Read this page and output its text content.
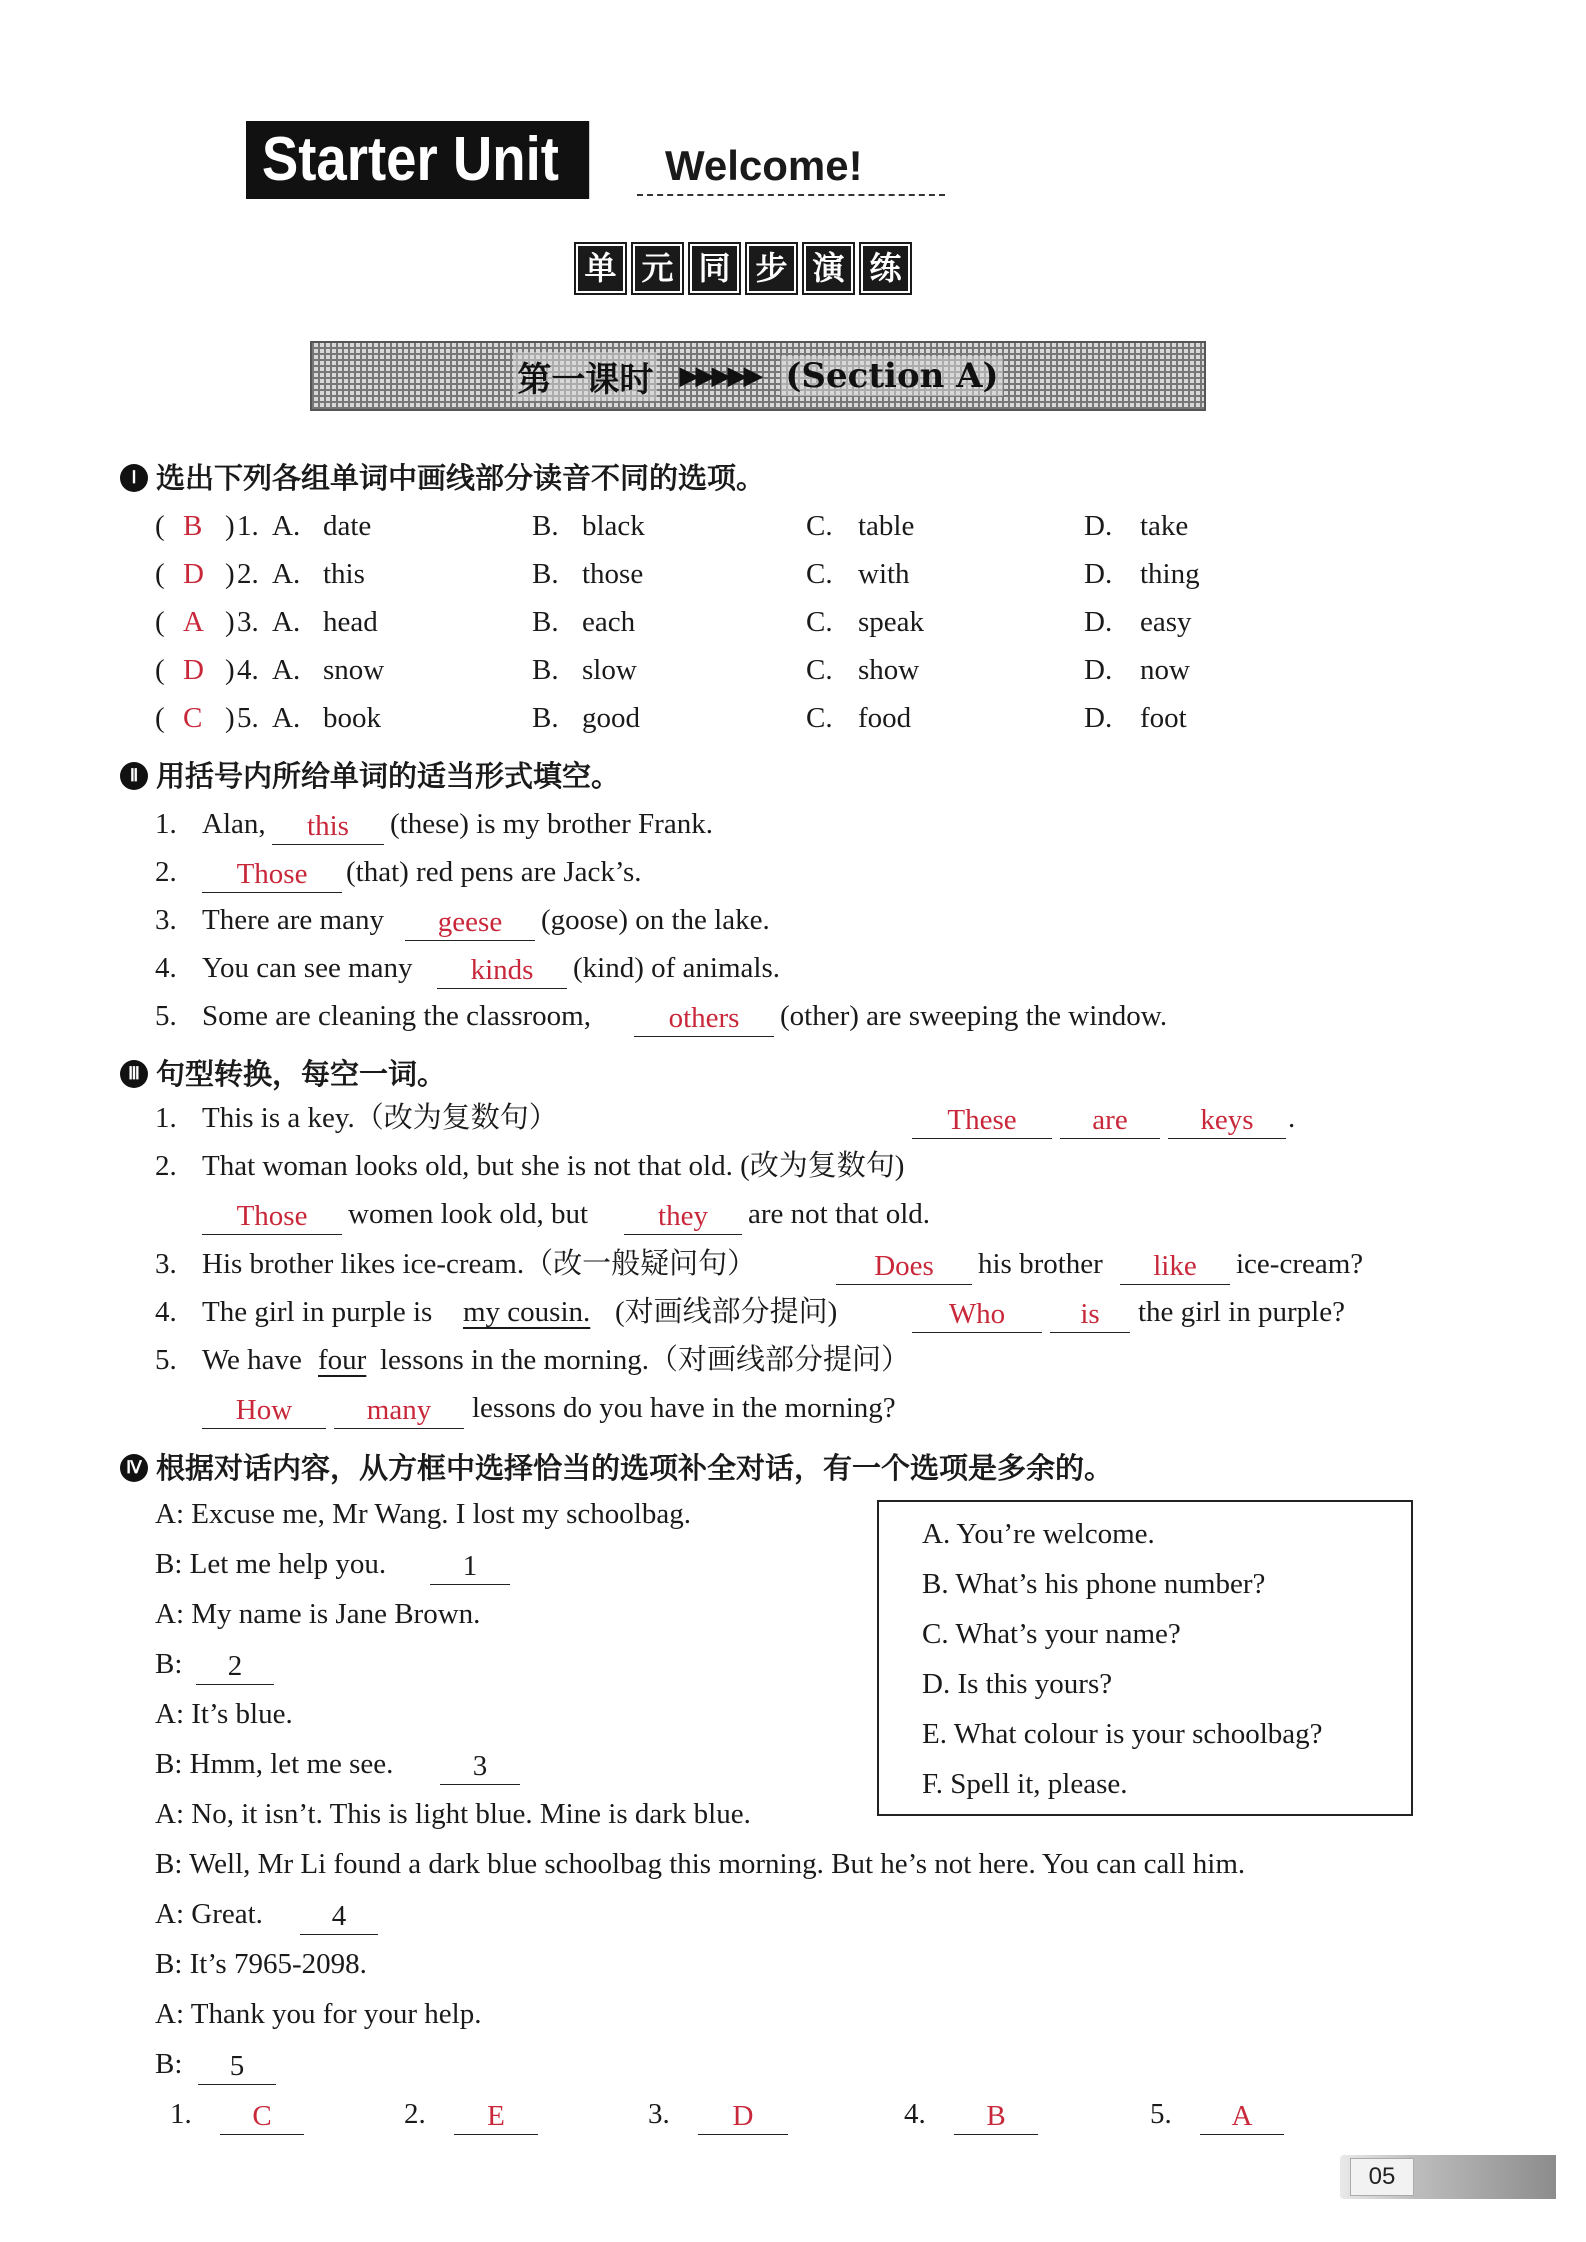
Starter Unit 3
Welcome!
单 元 同 步 演 练
第一课时 ▶▶▶▶▶ (Section A)
Ⅰ 选出下列各组单词中画线部分读音不同的选项。
( B ) 1. A. date	B. black	C. table	D. take
( D ) 2. A. this	B. those	C. with	D. thing
( A ) 3. A. head	B. each	C. speak	D. easy
( D ) 4. A. snow	B. slow	C. show	D. now
( C ) 5. A. book	B. good	C. food	D. foot
Ⅱ 用括号内所给单词的适当形式填空。
1. Alan,	this	(these) is my brother Frank.
2.	Those	(that) red pens are Jack’s.
3. There are many	geese	(goose) on the lake.
4. You can see many	kinds	(kind) of animals.
5. Some are cleaning the classroom,	others	(other) are sweeping the window.
Ⅲ 句型转换，每空一词。
1. This is a key.（改为复数句）	These	are	keys	.
2. That woman looks old, but she is not that old. (改为复数句)
Those	women look old, but	they	are not that old.
3. His brother likes ice-cream.（改一般疑问句）	Does	his brother	like	ice-cream?
4. The girl in purple is my cousin. (对画线部分提问)	Who	is	the girl in purple?
5. We have four lessons in the morning.（对画线部分提问）
How	many	lessons do you have in the morning?
Ⅳ 根据对话内容，从方框中选择恰当的选项补全对话，有一个选项是多余的。
A: Excuse me, Mr Wang. I lost my schoolbag.
B: Let me help you.	1
A: My name is Jane Brown.
B:	2
A: It’s blue.
B: Hmm, let me see.	3
A: No, it isn’t. This is light blue. Mine is dark blue.
B: Well, Mr Li found a dark blue schoolbag this morning. But he’s not here. You can call him.
A: Great.	4
B: It’s 7965-2098.
A: Thank you for your help.
B:	5
A. You’re welcome.
B. What’s his phone number?
C. What’s your name?
D. Is this yours?
E. What colour is your schoolbag?
F. Spell it, please.
1.	C	2.	E	3.	D	4.	B	5.	A
05
